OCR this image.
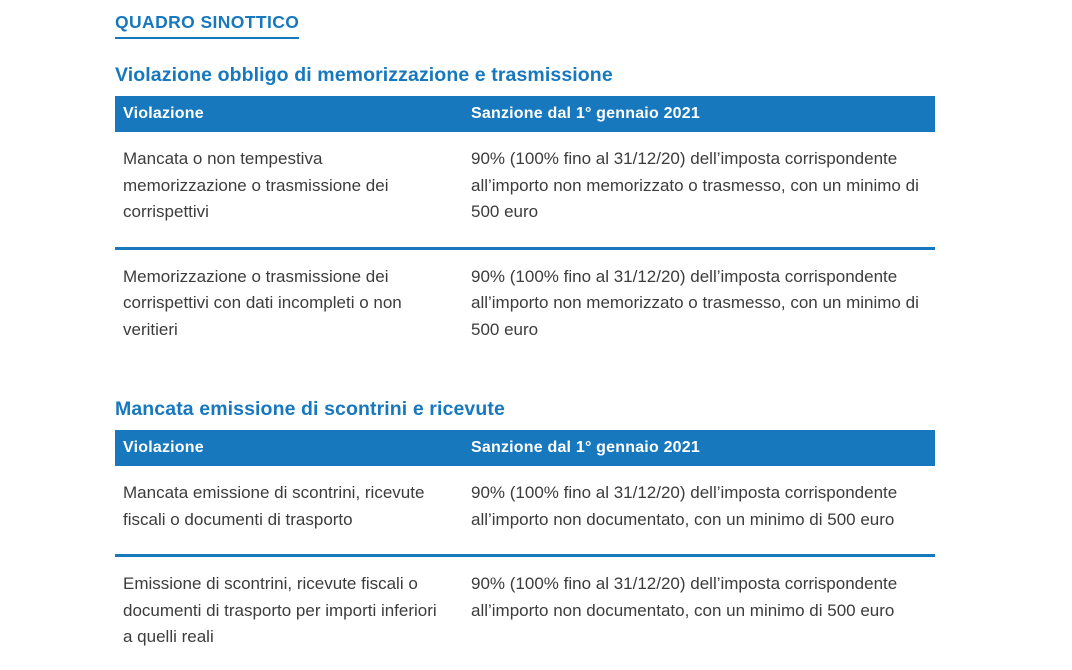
QUADRO SINOTTICO
Violazione obbligo di memorizzazione e trasmissione
Violazione	Sanzione dal 1° gennaio 2021
Mancata o non tempestiva memorizzazione o trasmissione dei corrispettivi	90% (100% fino al 31/12/20) dell’imposta corrispondente all’importo non memorizzato o trasmesso, con un minimo di 500 euro
Memorizzazione o trasmissione dei corrispettivi con dati incompleti o non veritieri	90% (100% fino al 31/12/20) dell’imposta corrispondente all’importo non memorizzato o trasmesso, con un minimo di 500 euro
Mancata emissione di scontrini e ricevute
Violazione	Sanzione dal 1° gennaio 2021
Mancata emissione di scontrini, ricevute fiscali o documenti di trasporto	90% (100% fino al 31/12/20) dell’imposta corrispondente all’importo non documentato, con un minimo di 500 euro
Emissione di scontrini, ricevute fiscali o documenti di trasporto per importi inferiori a quelli reali	90% (100% fino al 31/12/20) dell’imposta corrispondente all’importo non documentato, con un minimo di 500 euro
